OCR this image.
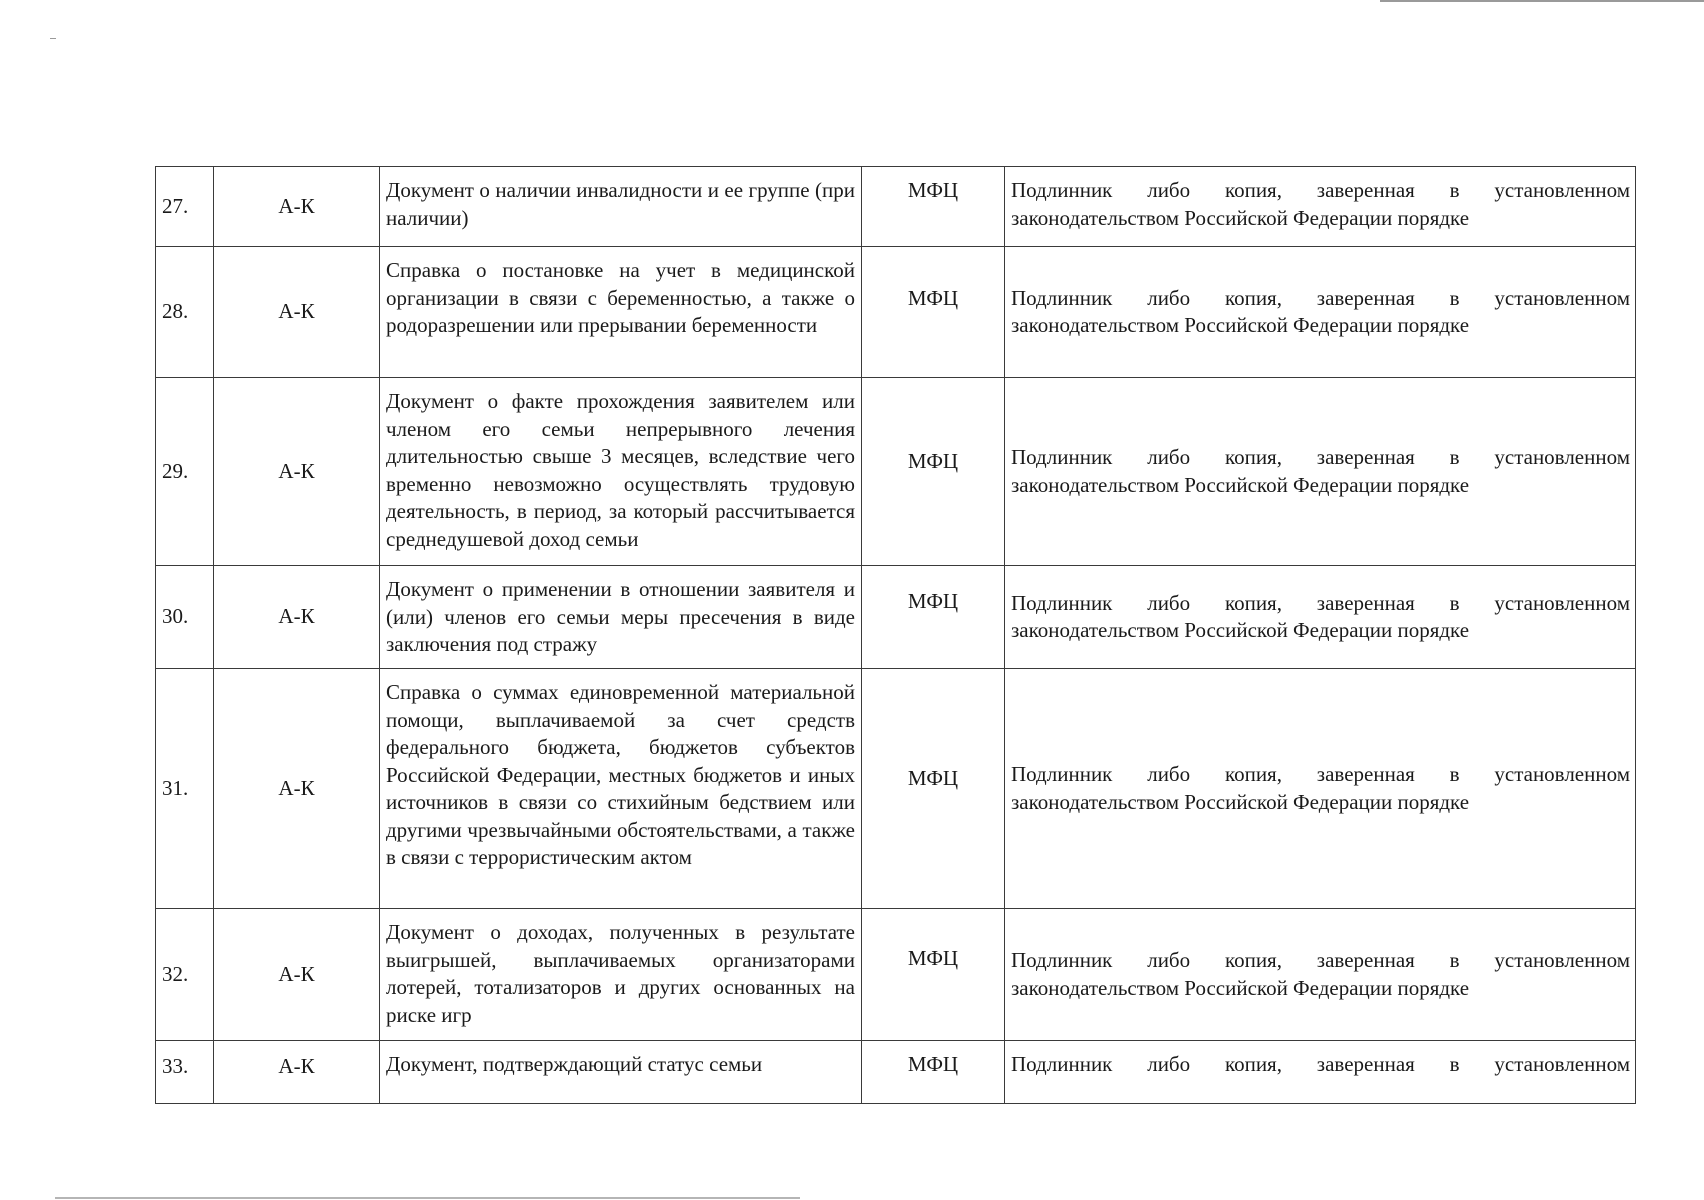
27.	А-К	Документ о наличии инвалидности и ее группе (при наличии)	МФЦ	Подлинник либо копия, заверенная в установленном законодательством Российской Федерации порядке
28.	А-К	Справка о постановке на учет в медицинской организации в связи с беременностью, а также о родоразрешении или прерывании беременности	МФЦ	Подлинник либо копия, заверенная в установленном законодательством Российской Федерации порядке
29.	А-К	Документ о факте прохождения заявителем или членом его семьи непрерывного лечения длительностью свыше 3 месяцев, вследствие чего временно невозможно осуществлять трудовую деятельность, в период, за который рассчитывается среднедушевой доход семьи	МФЦ	Подлинник либо копия, заверенная в установленном законодательством Российской Федерации порядке
30.	А-К	Документ о применении в отношении заявителя и (или) членов его семьи меры пресечения в виде заключения под стражу	МФЦ	Подлинник либо копия, заверенная в установленном законодательством Российской Федерации порядке
31.	А-К	Справка о суммах единовременной материальной помощи, выплачиваемой за счет средств федерального бюджета, бюджетов субъектов Российской Федерации, местных бюджетов и иных источников в связи со стихийным бедствием или другими чрезвычайными обстоятельствами, а также в связи с террористическим актом	МФЦ	Подлинник либо копия, заверенная в установленном законодательством Российской Федерации порядке
32.	А-К	Документ о доходах, полученных в результате выигрышей, выплачиваемых организаторами лотерей, тотализаторов и других основанных на риске игр	МФЦ	Подлинник либо копия, заверенная в установленном законодательством Российской Федерации порядке
33.	А-К	Документ, подтверждающий статус семьи	МФЦ	Подлинник либо копия, заверенная в установленном
